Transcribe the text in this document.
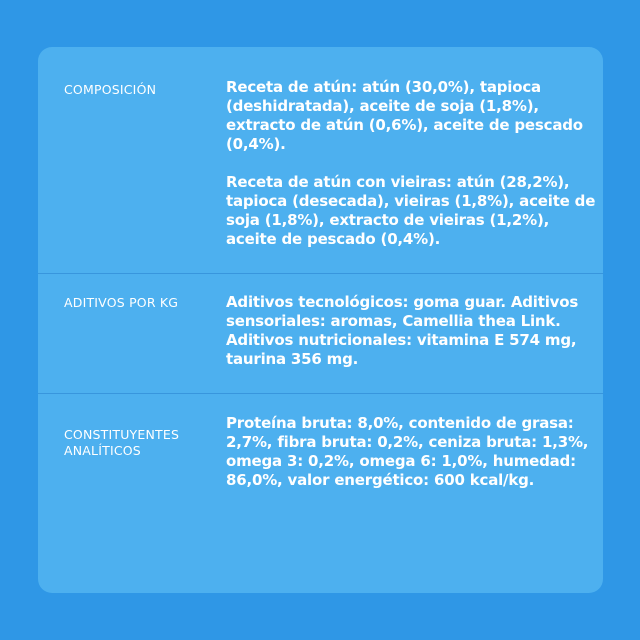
COMPOSICIÓN	Receta de atún: atún (30,0%), tapioca (deshidratada), aceite de soja (1,8%), extracto de atún (0,6%), aceite de pescado (0,4%).

Receta de atún con vieiras: atún (28,2%), tapioca (desecada), vieiras (1,8%), aceite de soja (1,8%), extracto de vieiras (1,2%), aceite de pescado (0,4%).

ADITIVOS POR KG	Aditivos tecnológicos: goma guar. Aditivos sensoriales: aromas, Camellia thea Link. Aditivos nutricionales: vitamina E 574 mg, taurina 356 mg.

CONSTITUYENTES ANALÍTICOS

Proteína bruta: 8,0%, contenido de grasa: 2,7%, fibra bruta: 0,2%, ceniza bruta: 1,3%, omega 3: 0,2%, omega 6: 1,0%, humedad: 86,0%, valor energético: 600 kcal/kg.
